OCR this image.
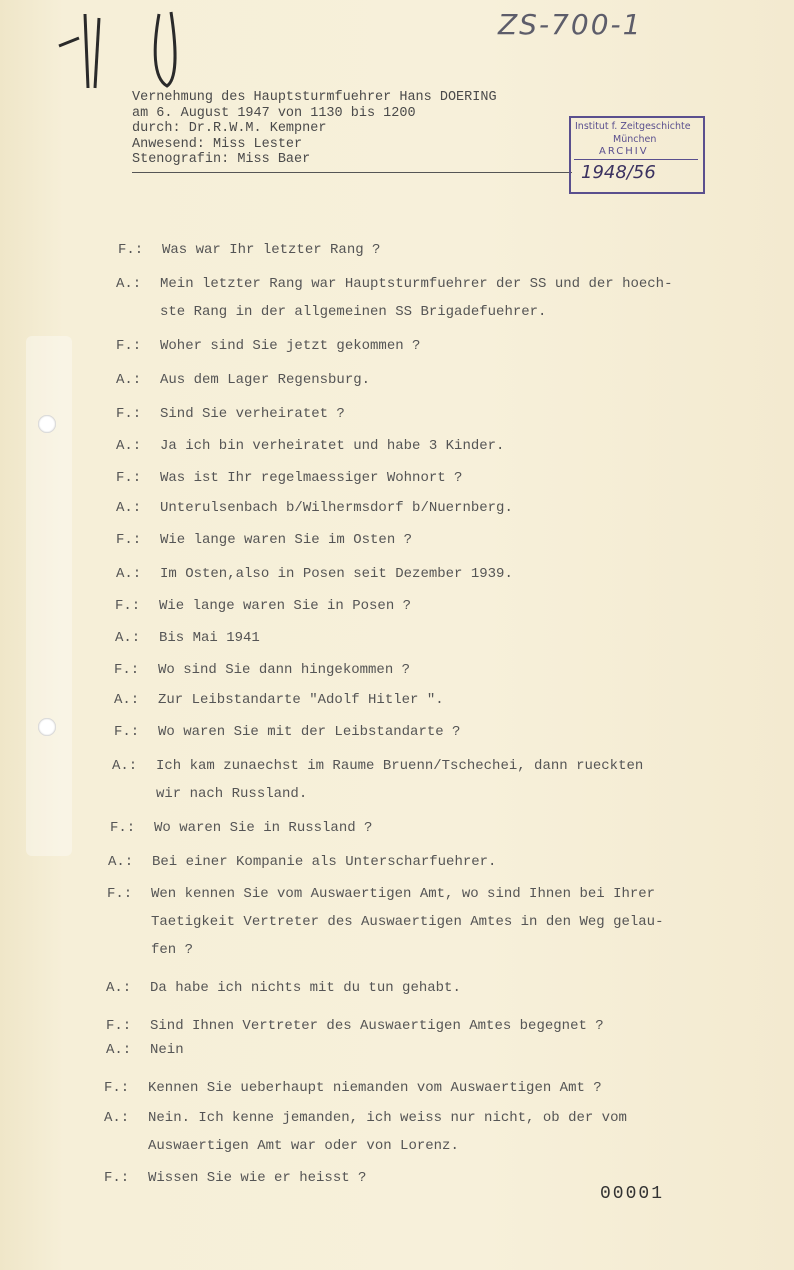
ZS-700-1
Vernehmung des Hauptsturmfuehrer Hans DOERING
am 6. August 1947 von 1130 bis 1200
durch: Dr.R.W.M. Kempner
Anwesend: Miss Lester
Stenografin: Miss Baer
Institut f. Zeitgeschichte
München
ARCHIV
1948/56
F.: Was war Ihr letzter Rang ?
A.: Mein letzter Rang war Hauptsturmfuehrer der SS und der hoech-
ste Rang in der allgemeinen SS Brigadefuehrer.
F.: Woher sind Sie jetzt gekommen ?
A.: Aus dem Lager Regensburg.
F.: Sind Sie verheiratet ?
A.: Ja ich bin verheiratet und habe 3 Kinder.
F.: Was ist Ihr regelmaessiger Wohnort ?
A.: Unterulsenbach b/Wilhermsdorf b/Nuernberg.
F.: Wie lange waren Sie im Osten ?
A.: Im Osten,also in Posen seit Dezember 1939.
F.: Wie lange waren Sie in Posen ?
A.: Bis Mai 1941
F.: Wo sind Sie dann hingekommen ?
A.: Zur Leibstandarte "Adolf Hitler ".
F.: Wo waren Sie mit der Leibstandarte ?
A.: Ich kam zunaechst im Raume Bruenn/Tschechei, dann rueckten
wir nach Russland.
F.: Wo waren Sie in Russland ?
A.: Bei einer Kompanie als Unterscharfuehrer.
F.: Wen kennen Sie vom Auswaertigen Amt, wo sind Ihnen bei Ihrer
Taetigkeit Vertreter des Auswaertigen Amtes in den Weg gelau-
fen ?
A.: Da habe ich nichts mit du tun gehabt.
F.: Sind Ihnen Vertreter des Auswaertigen Amtes begegnet ?
A.: Nein
F.: Kennen Sie ueberhaupt niemanden vom Auswaertigen Amt ?
A.: Nein. Ich kenne jemanden, ich weiss nur nicht, ob der vom
Auswaertigen Amt war oder von Lorenz.
F.: Wissen Sie wie er heisst ?
00001
